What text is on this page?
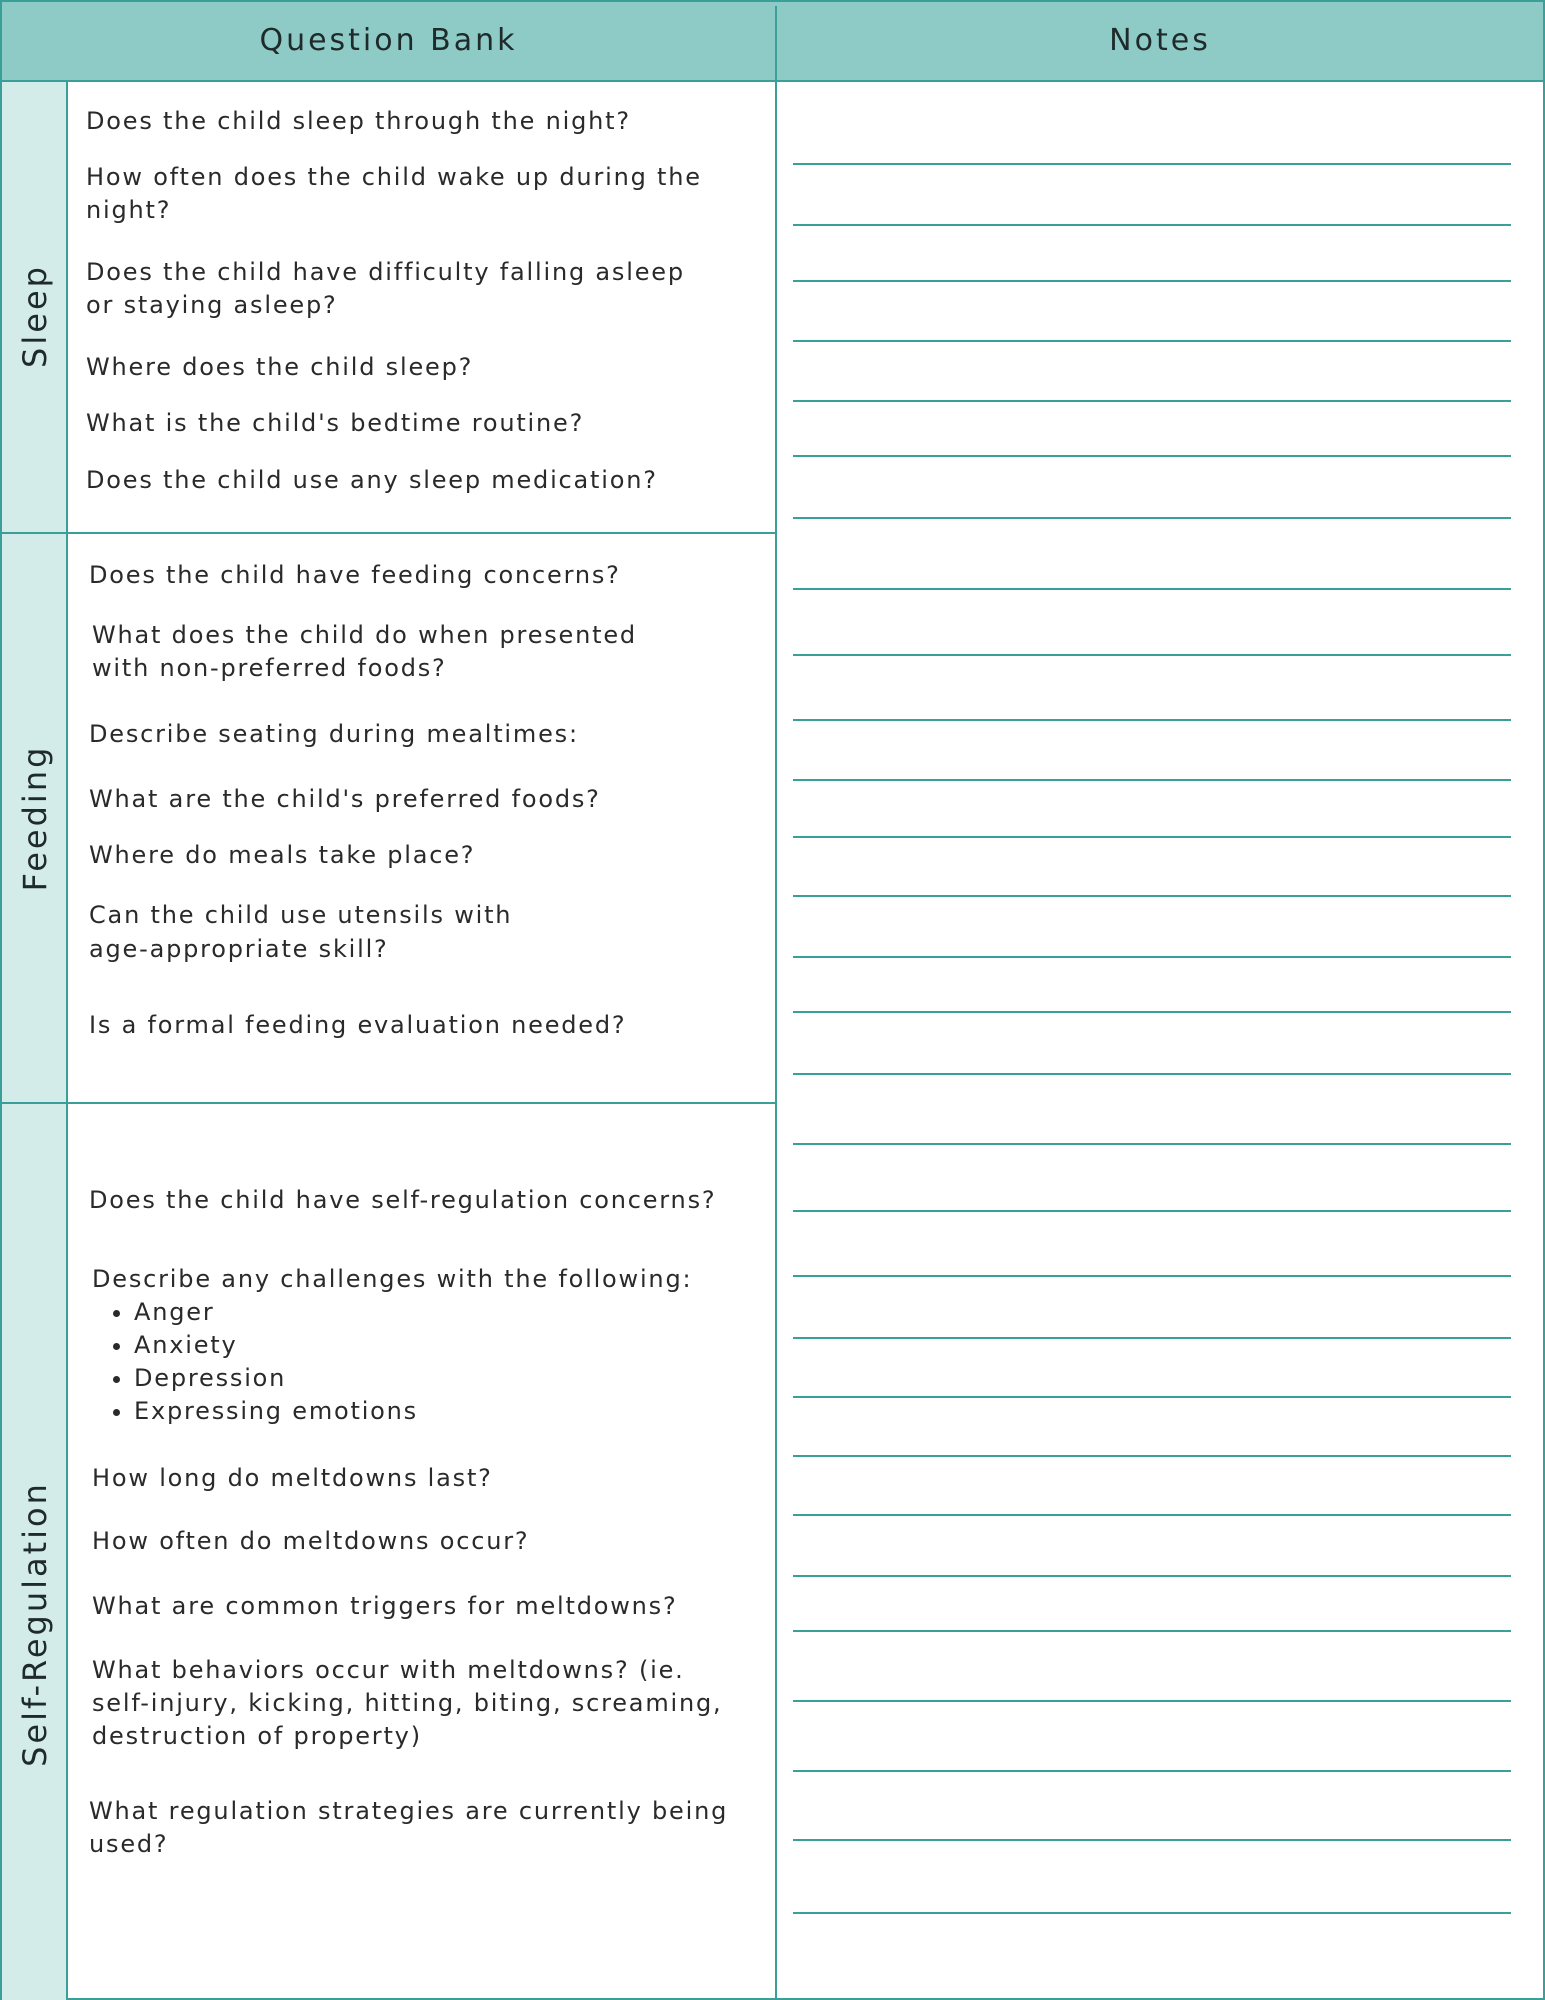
Question Bank	Notes
Sleep
Does the child sleep through the night?
How often does the child wake up during the
night?
Does the child have difficulty falling asleep
or staying asleep?
Where does the child sleep?
What is the child's bedtime routine?
Does the child use any sleep medication?
Feeding
Does the child have feeding concerns?
What does the child do when presented
with non-preferred foods?
Describe seating during mealtimes:
What are the child's preferred foods?
Where do meals take place?
Can the child use utensils with
age-appropriate skill?
Is a formal feeding evaluation needed?
Self-Regulation
Does the child have self-regulation concerns?
Describe any challenges with the following:
• Anger
• Anxiety
• Depression
• Expressing emotions
How long do meltdowns last?
How often do meltdowns occur?
What are common triggers for meltdowns?
What behaviors occur with meltdowns? (ie.
self-injury, kicking, hitting, biting, screaming,
destruction of property)
What regulation strategies are currently being
used?
